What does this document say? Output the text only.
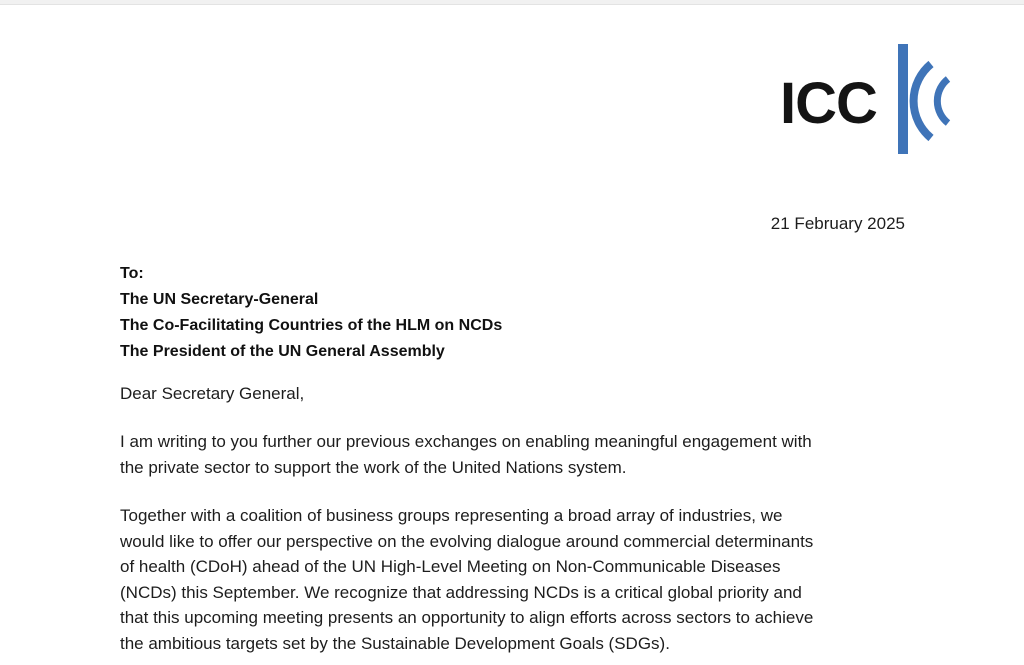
ICC
21 February 2025
To:
The UN Secretary-General
The Co-Facilitating Countries of the HLM on NCDs
The President of the UN General Assembly
Dear Secretary General,

I am writing to you further our previous exchanges on enabling meaningful engagement with
the private sector to support the work of the United Nations system.

Together with a coalition of business groups representing a broad array of industries, we
would like to offer our perspective on the evolving dialogue around commercial determinants
of health (CDoH) ahead of the UN High-Level Meeting on Non-Communicable Diseases
(NCDs) this September. We recognize that addressing NCDs is a critical global priority and
that this upcoming meeting presents an opportunity to align efforts across sectors to achieve
the ambitious targets set by the Sustainable Development Goals (SDGs).
